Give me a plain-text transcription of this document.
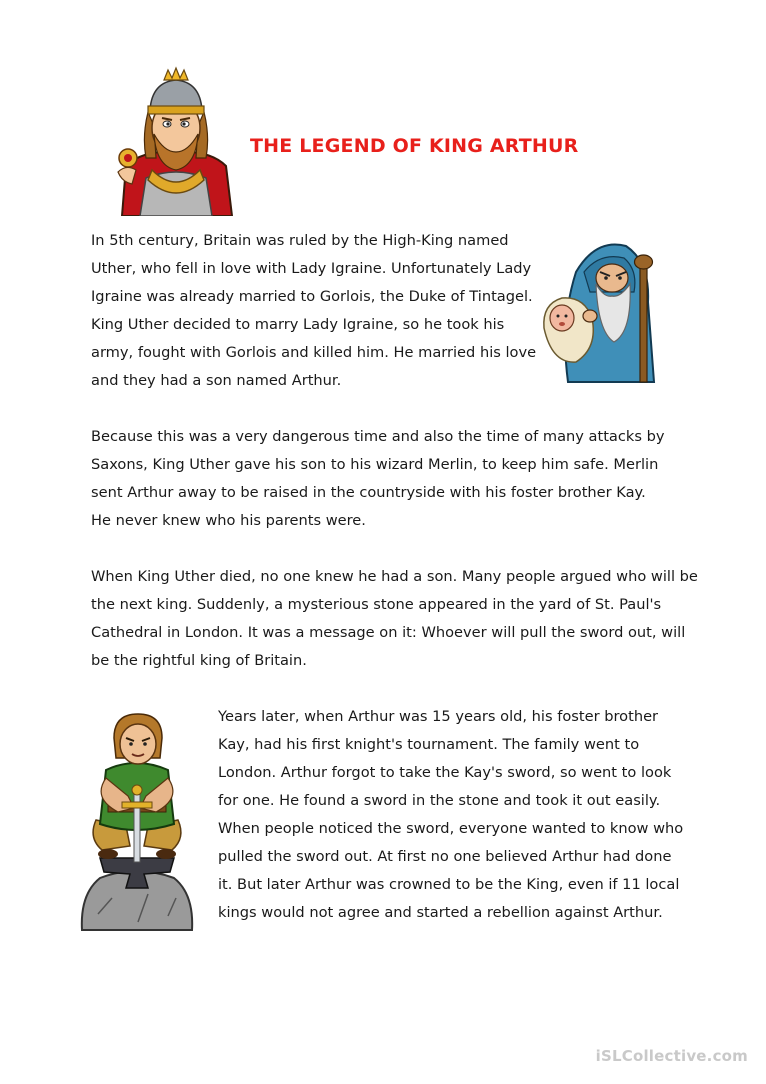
THE LEGEND OF KING ARTHUR

In 5th century, Britain was ruled by the High-King named
Uther, who fell in love with Lady Igraine. Unfortunately Lady
Igraine was already married to Gorlois, the Duke of Tintagel.
King Uther decided to marry Lady Igraine, so he took his
army, fought with Gorlois and killed him. He married his love
and they had a son named Arthur.

Because this was a very dangerous time and also the time of many attacks by
Saxons, King Uther gave his son to his wizard Merlin, to keep him safe. Merlin
sent Arthur away to be raised in the countryside with his foster brother Kay.
He never knew who his parents were.

When King Uther died, no one knew he had a son. Many people argued who will be
the next king. Suddenly, a mysterious stone appeared in the yard of St. Paul's
Cathedral in London. It was a message on it: Whoever will pull the sword out, will
be the rightful king of Britain.

Years later, when Arthur was 15 years old, his foster brother
Kay, had his first knight's tournament. The family went to
London. Arthur forgot to take the Kay's sword, so went to look
for one. He found a sword in the stone and took it out easily.
When people noticed the sword, everyone wanted to know who
pulled the sword out. At first no one believed Arthur had done
it. But later Arthur was crowned to be the King, even if 11 local
kings would not agree and started a rebellion against Arthur.

iSLCollective.com
